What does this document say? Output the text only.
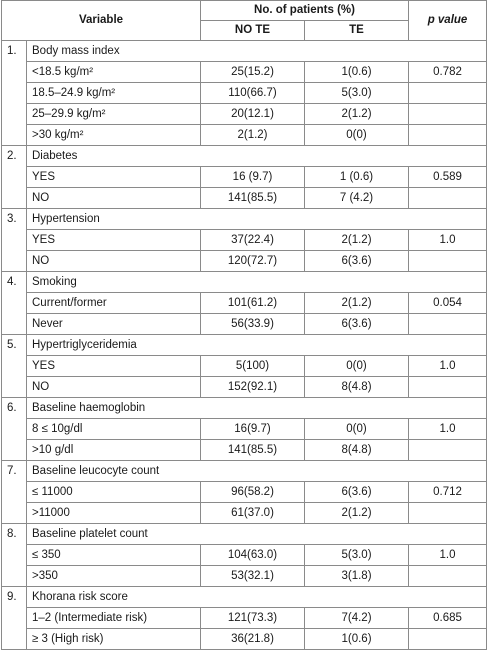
Variable		No. of patients (%)		p value
		NO TE	TE	
1.	Body mass index			
	<18.5 kg/m²	25(15.2)	1(0.6)	0.782
	18.5–24.9 kg/m²	110(66.7)	5(3.0)	
	25–29.9 kg/m²	20(12.1)	2(1.2)	
	>30 kg/m²	2(1.2)	0(0)	
2.	Diabetes			
	YES	16 (9.7)	1 (0.6)	0.589
	NO	141(85.5)	7 (4.2)	
3.	Hypertension			
	YES	37(22.4)	2(1.2)	1.0
	NO	120(72.7)	6(3.6)	
4.	Smoking			
	Current/former	101(61.2)	2(1.2)	0.054
	Never	56(33.9)	6(3.6)	
5.	Hypertriglyceridemia			
	YES	5(100)	0(0)	1.0
	NO	152(92.1)	8(4.8)	
6.	Baseline haemoglobin			
	8 ≤ 10g/dl	16(9.7)	0(0)	1.0
	>10 g/dl	141(85.5)	8(4.8)	
7.	Baseline leucocyte count			
	≤ 11000	96(58.2)	6(3.6)	0.712
	>11000	61(37.0)	2(1.2)	
8.	Baseline platelet count			
	≤ 350	104(63.0)	5(3.0)	1.0
	>350	53(32.1)	3(1.8)	
9.	Khorana risk score			
	1–2 (Intermediate risk)	121(73.3)	7(4.2)	0.685
	≥ 3 (High risk)	36(21.8)	1(0.6)	
